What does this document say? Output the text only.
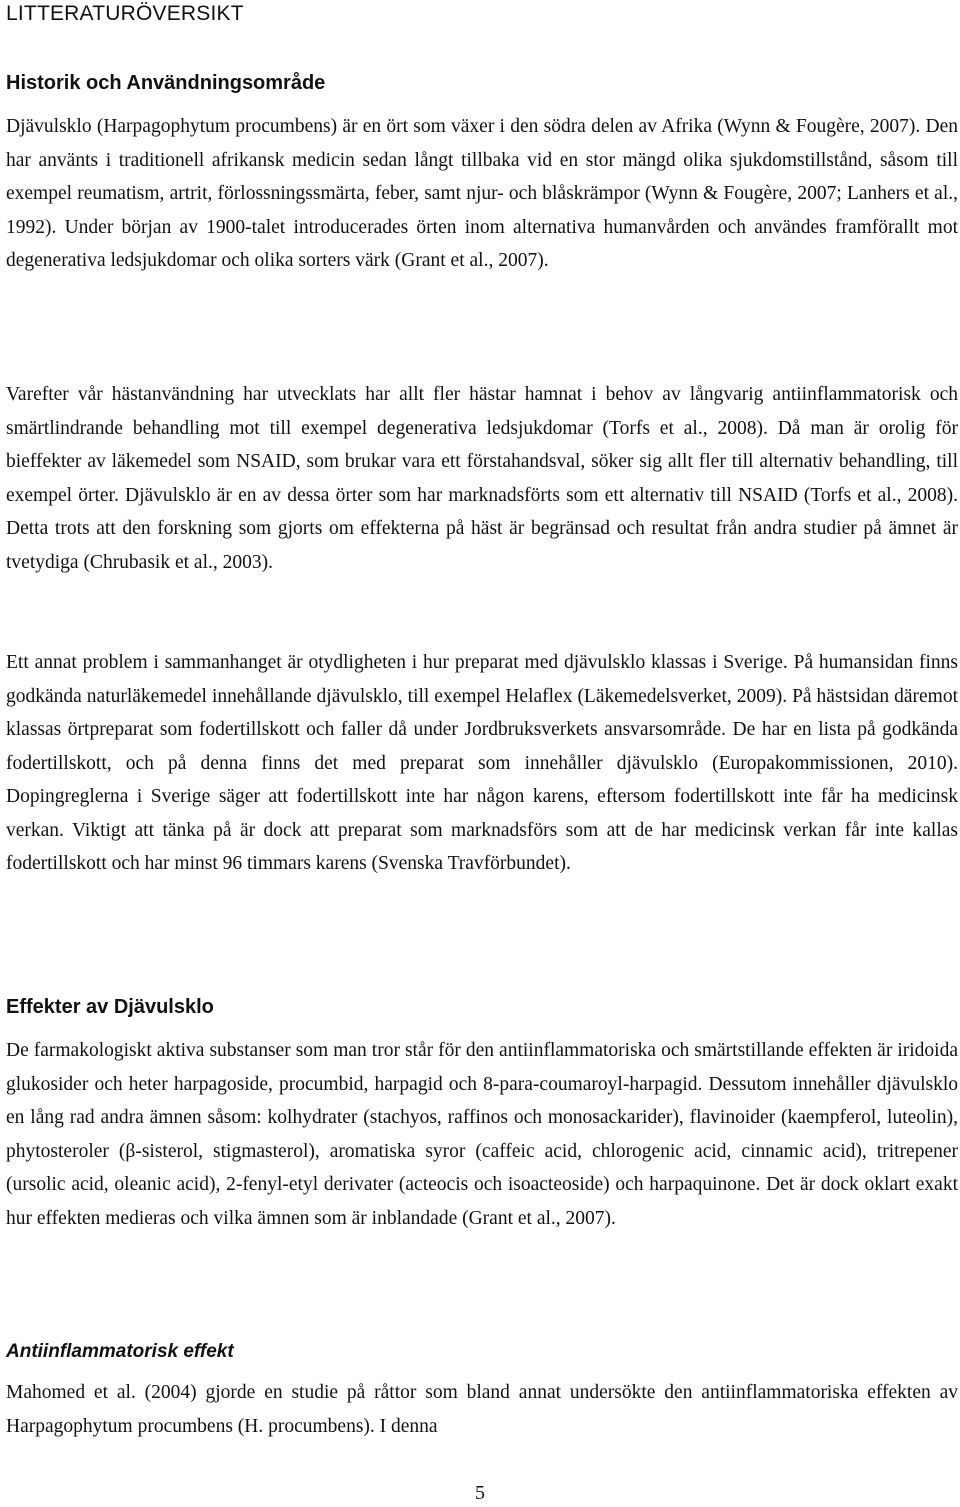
LITTERATURÖVERSIKT
Historik och Användningsområde

Djävulsklo (Harpagophytum procumbens) är en ört som växer i den södra delen av Afrika (Wynn & Fougère, 2007). Den har använts i traditionell afrikansk medicin sedan långt tillbaka vid en stor mängd olika sjukdomstillstånd, såsom till exempel reumatism, artrit, förlossningssmärta, feber, samt njur- och blåskrämpor (Wynn & Fougère, 2007; Lanhers et al., 1992). Under början av 1900-talet introducerades örten inom alternativa humanvården och användes framförallt mot degenerativa ledsjukdomar och olika sorters värk (Grant et al., 2007).

Varefter vår hästanvändning har utvecklats har allt fler hästar hamnat i behov av långvarig antiinflammatorisk och smärtlindrande behandling mot till exempel degenerativa ledsjukdomar (Torfs et al., 2008). Då man är orolig för bieffekter av läkemedel som NSAID, som brukar vara ett förstahandsval, söker sig allt fler till alternativ behandling, till exempel örter. Djävulsklo är en av dessa örter som har marknadsförts som ett alternativ till NSAID (Torfs et al., 2008). Detta trots att den forskning som gjorts om effekterna på häst är begränsad och resultat från andra studier på ämnet är tvetydiga (Chrubasik et al., 2003).

Ett annat problem i sammanhanget är otydligheten i hur preparat med djävulsklo klassas i Sverige. På humansidan finns godkända naturläkemedel innehållande djävulsklo, till exempel Helaflex (Läkemedelsverket, 2009). På hästsidan däremot klassas örtpreparat som fodertillskott och faller då under Jordbruksverkets ansvarsområde. De har en lista på godkända fodertillskott, och på denna finns det med preparat som innehåller djävulsklo (Europakommissionen, 2010). Dopingreglerna i Sverige säger att fodertillskott inte har någon karens, eftersom fodertillskott inte får ha medicinsk verkan. Viktigt att tänka på är dock att preparat som marknadsförs som att de har medicinsk verkan får inte kallas fodertillskott och har minst 96 timmars karens (Svenska Travförbundet).

Effekter av Djävulsklo

De farmakologiskt aktiva substanser som man tror står för den antiinflammatoriska och smärtstillande effekten är iridoida glukosider och heter harpagoside, procumbid, harpagid och 8-para-coumaroyl-harpagid. Dessutom innehåller djävulsklo en lång rad andra ämnen såsom: kolhydrater (stachyos, raffinos och monosackarider), flavinoider (kaempferol, luteolin), phytosteroler (β-sisterol, stigmasterol), aromatiska syror (caffeic acid, chlorogenic acid, cinnamic acid), tritrepener (ursolic acid, oleanic acid), 2-fenyl-etyl derivater (acteocis och isoacteoside) och harpaquinone. Det är dock oklart exakt hur effekten medieras och vilka ämnen som är inblandade (Grant et al., 2007).

Antiinflammatorisk effekt

Mahomed et al. (2004) gjorde en studie på råttor som bland annat undersökte den antiinflammatoriska effekten av Harpagophytum procumbens (H. procumbens). I denna

5
